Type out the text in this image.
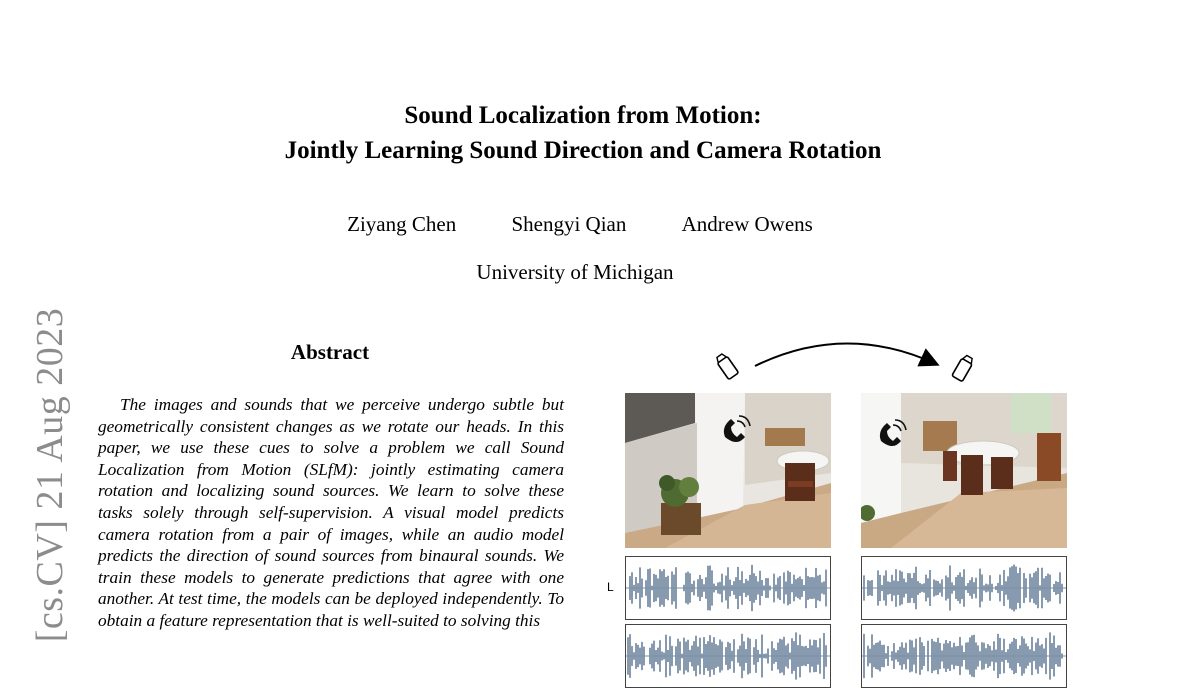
Sound Localization from Motion:
Jointly Learning Sound Direction and Camera Rotation
Ziyang Chen	Shengyi Qian	Andrew Owens
University of Michigan
[cs.CV] 21 Aug 2023	Abstract
The images and sounds that we perceive undergo subtle but geometrically consistent changes as we rotate our heads. In this paper, we use these cues to solve a problem we call Sound Localization from Motion (SLfM): jointly estimating camera rotation and localizing sound sources. We learn to solve these tasks solely through self-supervision. A visual model predicts camera rotation from a pair of images, while an audio model predicts the direction of sound sources from binaural sounds. We train these models to generate predictions that agree with one another. At test time, the models can be deployed independently. To obtain a feature representation that is well-suited to solving this
L
